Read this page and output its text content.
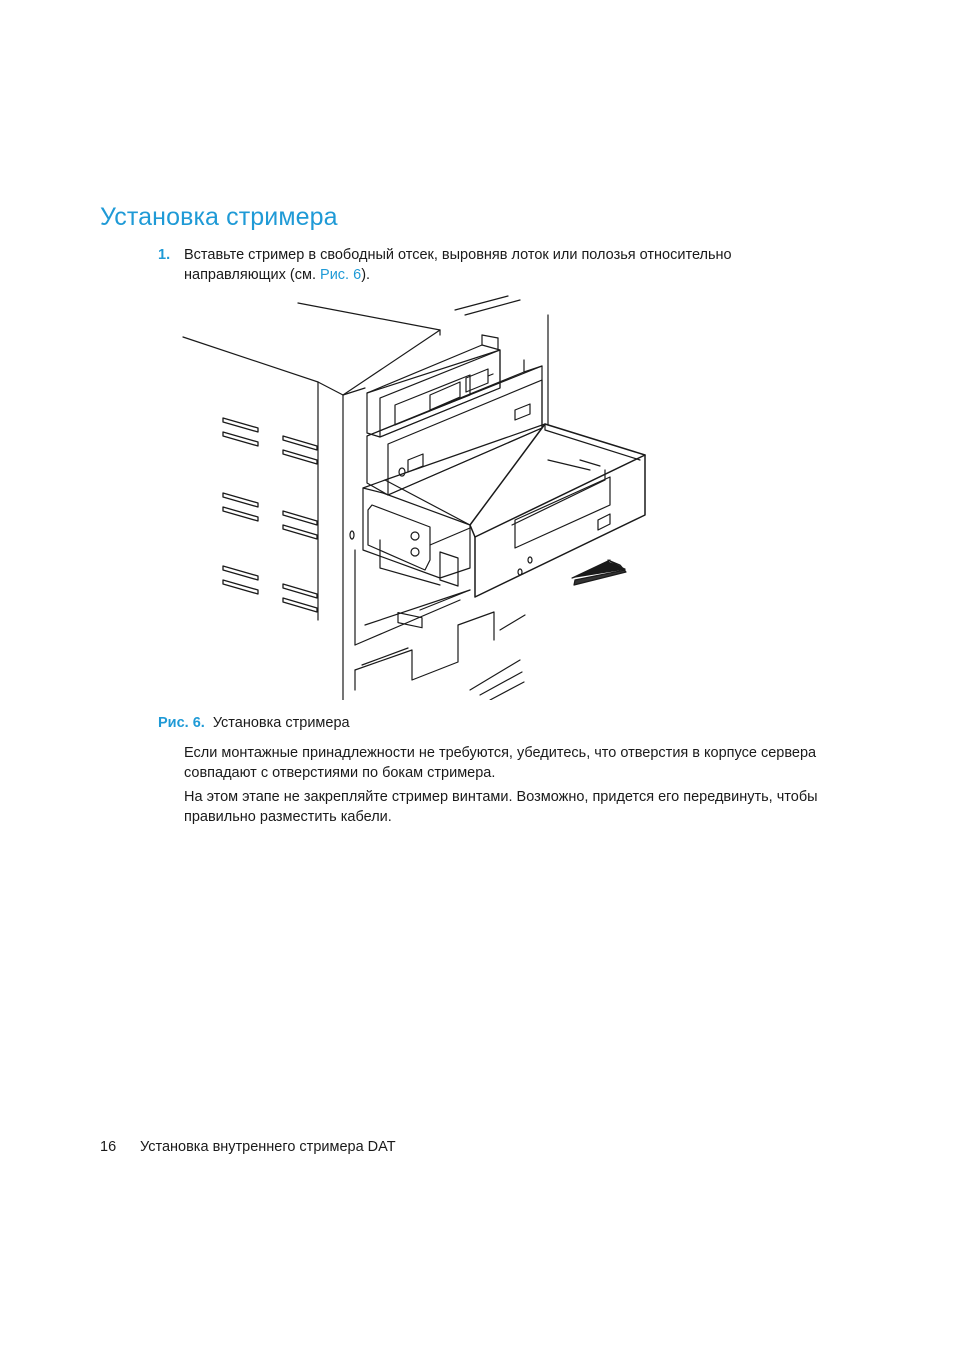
Установка стримера
1. Вставьте стример в свободный отсек, выровняв лоток или полозья относительно направляющих (см. Рис. 6).
Рис. 6. Установка стримера

Если монтажные принадлежности не требуются, убедитесь, что отверстия в корпусе сервера совпадают с отверстиями по бокам стримера.

На этом этапе не закрепляйте стример винтами. Возможно, придется его передвинуть, чтобы правильно разместить кабели.

16 Установка внутреннего стримера DAT
